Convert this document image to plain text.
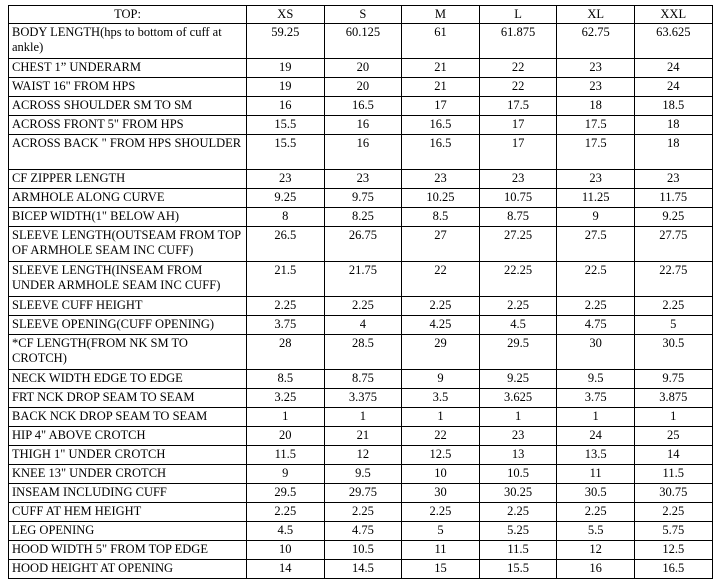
TOP:	XS	S	M	L	XL	XXL
BODY LENGTH(hps to bottom of cuff at ankle)	59.25	60.125	61	61.875	62.75	63.625
CHEST 1” UNDERARM	19	20	21	22	23	24
WAIST 16" FROM HPS	19	20	21	22	23	24
ACROSS SHOULDER SM TO SM	16	16.5	17	17.5	18	18.5
ACROSS FRONT 5" FROM HPS	15.5	16	16.5	17	17.5	18
ACROSS BACK " FROM HPS SHOULDER	15.5	16	16.5	17	17.5	18
CF ZIPPER LENGTH	23	23	23	23	23	23
ARMHOLE ALONG CURVE	9.25	9.75	10.25	10.75	11.25	11.75
BICEP WIDTH(1" BELOW AH)	8	8.25	8.5	8.75	9	9.25
SLEEVE LENGTH(OUTSEAM FROM TOP OF ARMHOLE SEAM INC CUFF)	26.5	26.75	27	27.25	27.5	27.75
SLEEVE LENGTH(INSEAM FROM UNDER ARMHOLE SEAM INC CUFF)	21.5	21.75	22	22.25	22.5	22.75
SLEEVE CUFF HEIGHT	2.25	2.25	2.25	2.25	2.25	2.25
SLEEVE OPENING(CUFF OPENING)	3.75	4	4.25	4.5	4.75	5
*CF LENGTH(FROM NK SM TO CROTCH)	28	28.5	29	29.5	30	30.5
NECK WIDTH EDGE TO EDGE	8.5	8.75	9	9.25	9.5	9.75
FRT NCK DROP SEAM TO SEAM	3.25	3.375	3.5	3.625	3.75	3.875
BACK NCK DROP SEAM TO SEAM	1	1	1	1	1	1
HIP 4" ABOVE CROTCH	20	21	22	23	24	25
THIGH 1" UNDER CROTCH	11.5	12	12.5	13	13.5	14
KNEE 13" UNDER CROTCH	9	9.5	10	10.5	11	11.5
INSEAM INCLUDING CUFF	29.5	29.75	30	30.25	30.5	30.75
CUFF AT HEM HEIGHT	2.25	2.25	2.25	2.25	2.25	2.25
LEG OPENING	4.5	4.75	5	5.25	5.5	5.75
HOOD WIDTH 5" FROM TOP EDGE	10	10.5	11	11.5	12	12.5
HOOD HEIGHT AT OPENING	14	14.5	15	15.5	16	16.5
